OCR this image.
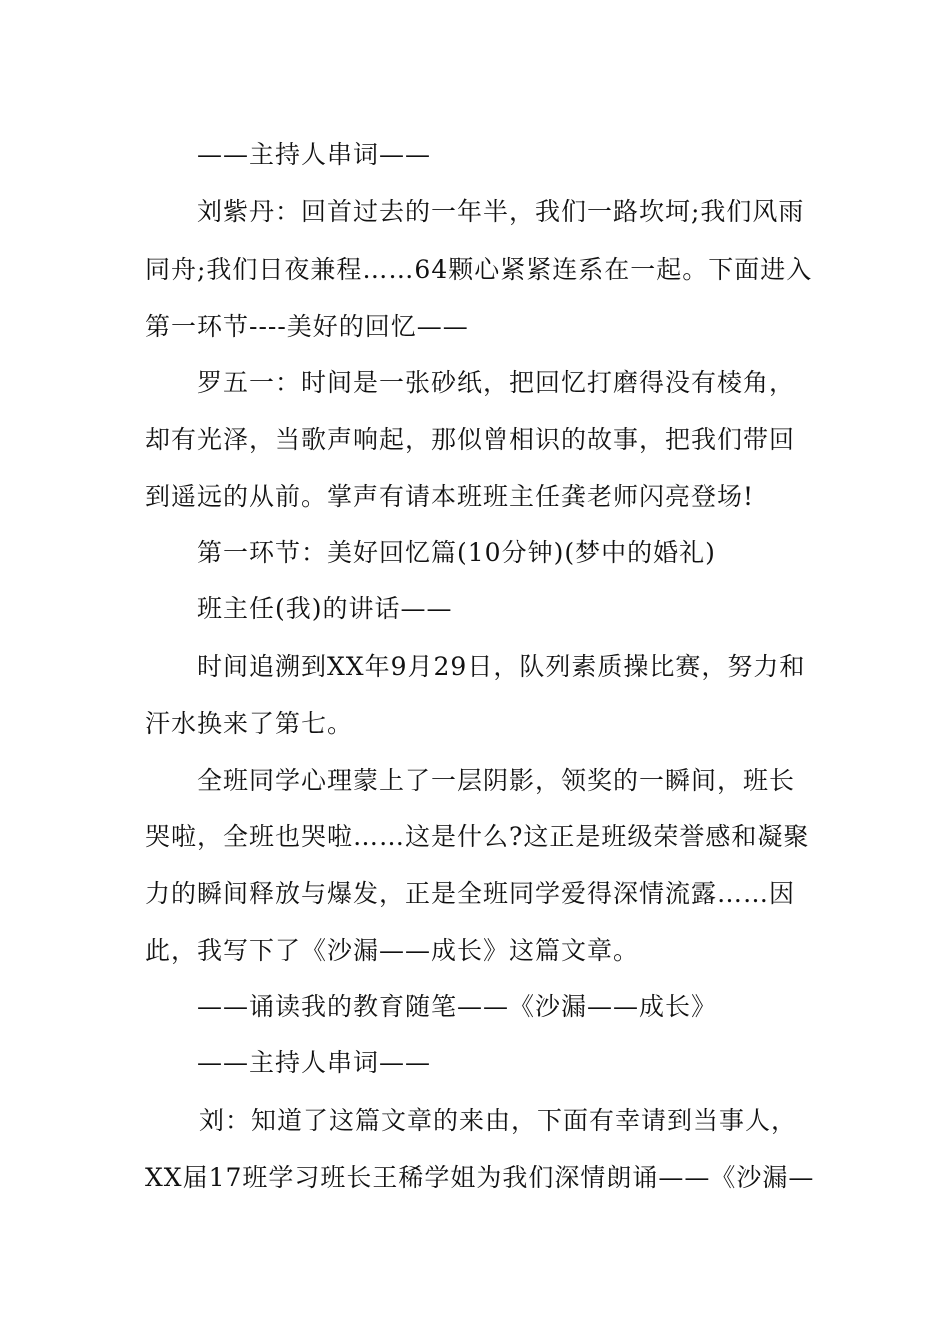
——主持人串词——
刘紫丹：回首过去的一年半，我们一路坎坷;我们风雨
同舟;我们日夜兼程……64颗心紧紧连系在一起。下面进入
第一环节----美好的回忆——
罗五一：时间是一张砂纸，把回忆打磨得没有棱角，
却有光泽，当歌声响起，那似曾相识的故事，把我们带回
到遥远的从前。掌声有请本班班主任龚老师闪亮登场!
第一环节：美好回忆篇(10分钟)(梦中的婚礼)
班主任(我)的讲话——
时间追溯到XX年9月29日，队列素质操比赛，努力和
汗水换来了第七。
全班同学心理蒙上了一层阴影，领奖的一瞬间，班长
哭啦，全班也哭啦……这是什么?这正是班级荣誉感和凝聚
力的瞬间释放与爆发，正是全班同学爱得深情流露……因
此，我写下了《沙漏——成长》这篇文章。
——诵读我的教育随笔——《沙漏——成长》
——主持人串词——
刘：知道了这篇文章的来由，下面有幸请到当事人，
XX届17班学习班长王稀学姐为我们深情朗诵——《沙漏—
